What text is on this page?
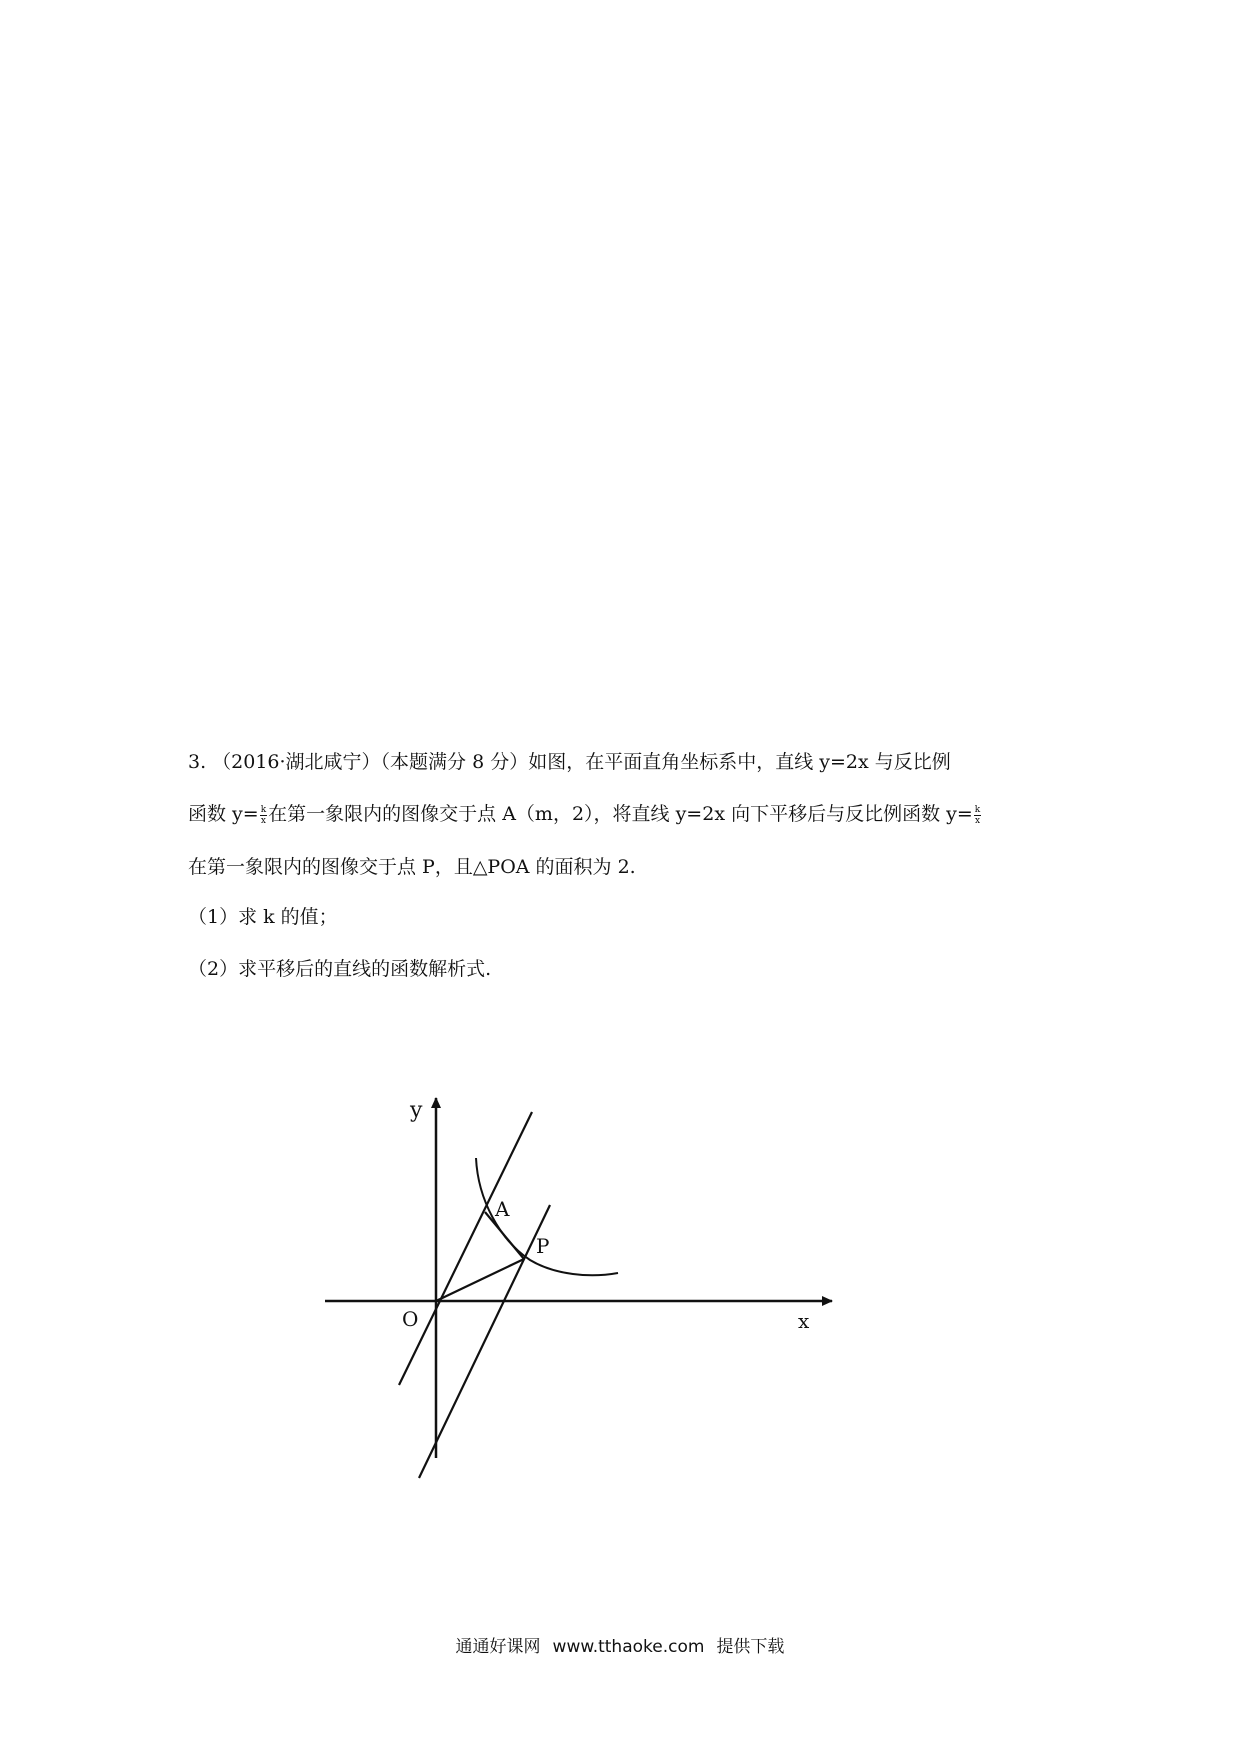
3. （2016·湖北咸宁）（本题满分 8 分）如图，在平面直角坐标系中，直线 y=2x 与反比例
函数 $y= \frac{k}{x}$ 在第一象限内的图像交于点 A（m，2），将直线 y=2x 向下平移后与反比例函数 $y= \frac{k}{x}$
在第一象限内的图像交于点 P，且△POA 的面积为 2.
（1）求 k 的值；
（2）求平移后的直线的函数解析式.
y
x
O
A
P
通通好课网 www.tthaoke.com 提供下载
